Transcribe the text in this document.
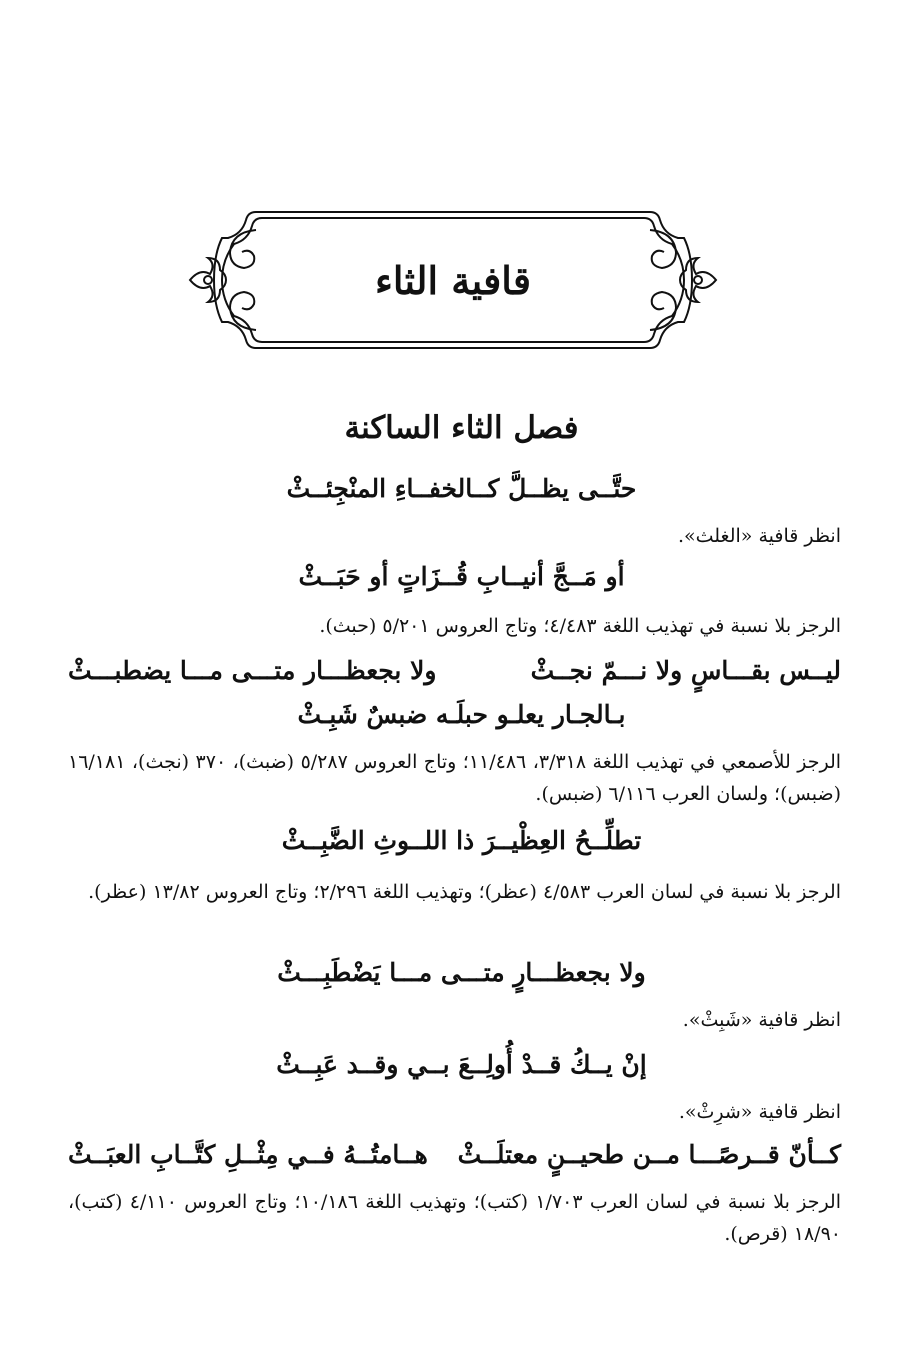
قافية الثاء
فصل الثاء الساكنة
حتَّــى يظــلَّ كــالخفــاءِ المنْجِئــثْ
انظر قافية «الغلث».
أو مَــجَّ أنيــابِ قُــزَاتٍ أو حَبَــثْ
الرجز بلا نسبة في تهذيب اللغة ٤/٤٨٣؛ وتاج العروس ٥/٢٠١ (حبث).
ليــس بقـــاسٍ ولا نـــمّ نجــثْ
ولا بجعظـــار متـــى مـــا يضطبـــثْ
بـالجـار يعلـو حبلَـه ضبسٌ شَبِـثْ
الرجز للأصمعي في تهذيب اللغة ٣/٣١٨، ١١/٤٨٦؛ وتاج العروس ٥/٢٨٧ (ضبث)، ٣٧٠ (نجث)، ١٦/١٨١ (ضبس)؛ ولسان العرب ٦/١١٦ (ضبس).
تطلِّــحُ العِظْيــرَ ذا اللــوثِ الضَّبِــثْ
الرجز بلا نسبة في لسان العرب ٤/٥٨٣ (عظر)؛ وتهذيب اللغة ٢/٢٩٦؛ وتاج العروس ١٣/٨٢ (عظر).
ولا بجعظـــارٍ متـــى مـــا يَضْطَبِـــثْ
انظر قافية «شَبِثْ».
إنْ يــكُ قــدْ أُولِــعَ بــي وقــد عَبِــثْ
انظر قافية «شرِثْ».
كــأنّ قــرصًـــا مــن طحيــنٍ معتلَــثْ
هــامتُــهُ فــي مِثْــلِ كتَّــابِ العبَــثْ
الرجز بلا نسبة في لسان العرب ١/٧٠٣ (كتب)؛ وتهذيب اللغة ١٠/١٨٦؛ وتاج العروس ٤/١١٠ (كتب)، ١٨/٩٠ (قرص).
